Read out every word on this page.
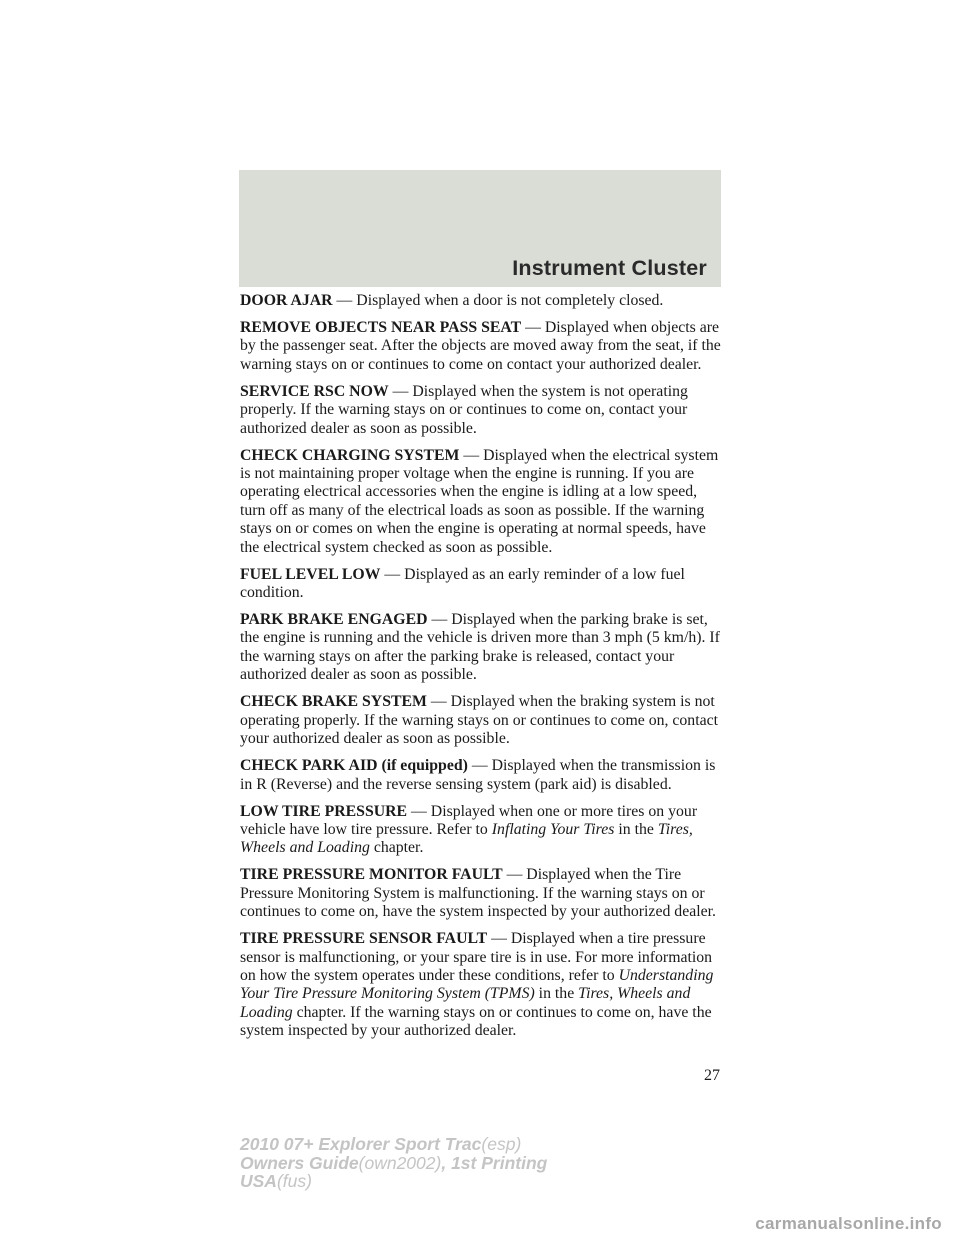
Instrument Cluster

DOOR AJAR — Displayed when a door is not completely closed.

REMOVE OBJECTS NEAR PASS SEAT — Displayed when objects are by the passenger seat. After the objects are moved away from the seat, if the warning stays on or continues to come on contact your authorized dealer.

SERVICE RSC NOW — Displayed when the system is not operating properly. If the warning stays on or continues to come on, contact your authorized dealer as soon as possible.

CHECK CHARGING SYSTEM — Displayed when the electrical system is not maintaining proper voltage when the engine is running. If you are operating electrical accessories when the engine is idling at a low speed, turn off as many of the electrical loads as soon as possible. If the warning stays on or comes on when the engine is operating at normal speeds, have the electrical system checked as soon as possible.

FUEL LEVEL LOW — Displayed as an early reminder of a low fuel condition.

PARK BRAKE ENGAGED — Displayed when the parking brake is set, the engine is running and the vehicle is driven more than 3 mph (5 km/h). If the warning stays on after the parking brake is released, contact your authorized dealer as soon as possible.

CHECK BRAKE SYSTEM — Displayed when the braking system is not operating properly. If the warning stays on or continues to come on, contact your authorized dealer as soon as possible.

CHECK PARK AID (if equipped) — Displayed when the transmission is in R (Reverse) and the reverse sensing system (park aid) is disabled.

LOW TIRE PRESSURE — Displayed when one or more tires on your vehicle have low tire pressure. Refer to Inflating Your Tires in the Tires, Wheels and Loading chapter.

TIRE PRESSURE MONITOR FAULT — Displayed when the Tire Pressure Monitoring System is malfunctioning. If the warning stays on or continues to come on, have the system inspected by your authorized dealer.

TIRE PRESSURE SENSOR FAULT — Displayed when a tire pressure sensor is malfunctioning, or your spare tire is in use. For more information on how the system operates under these conditions, refer to Understanding Your Tire Pressure Monitoring System (TPMS) in the Tires, Wheels and Loading chapter. If the warning stays on or continues to come on, have the system inspected by your authorized dealer.

27
2010 07+ Explorer Sport Trac(esp)
Owners Guide(own2002), 1st Printing
USA(fus)
carmanualsonline.info
